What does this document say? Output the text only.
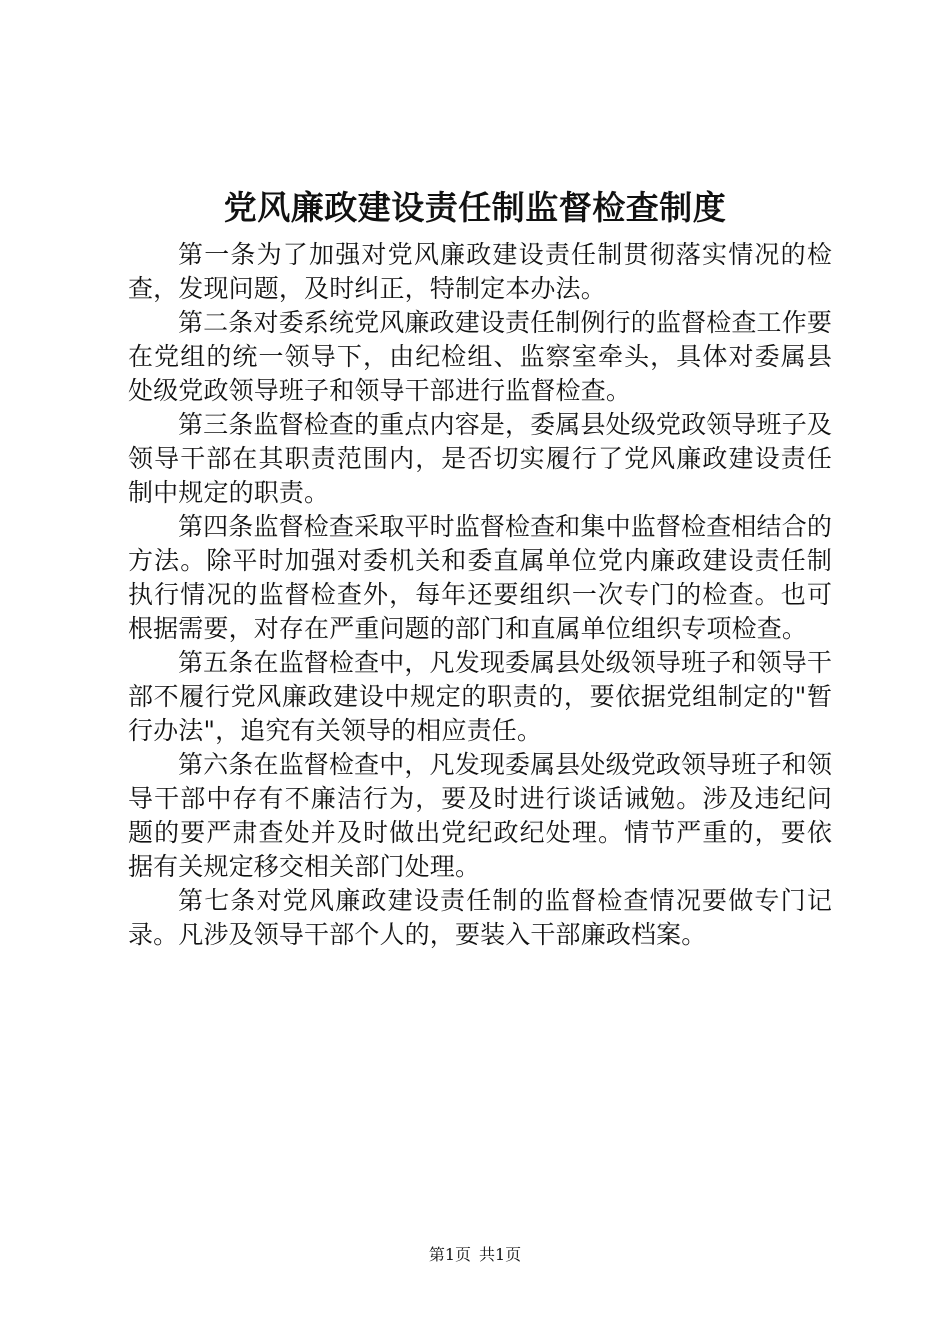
党风廉政建设责任制监督检查制度

第一条为了加强对党风廉政建设责任制贯彻落实情况的检查，发现问题，及时纠正，特制定本办法。

第二条对委系统党风廉政建设责任制例行的监督检查工作要在党组的统一领导下，由纪检组、监察室牵头，具体对委属县处级党政领导班子和领导干部进行监督检查。

第三条监督检查的重点内容是，委属县处级党政领导班子及领导干部在其职责范围内，是否切实履行了党风廉政建设责任制中规定的职责。

第四条监督检查采取平时监督检查和集中监督检查相结合的方法。除平时加强对委机关和委直属单位党内廉政建设责任制执行情况的监督检查外，每年还要组织一次专门的检查。也可根据需要，对存在严重问题的部门和直属单位组织专项检查。

第五条在监督检查中，凡发现委属县处级领导班子和领导干部不履行党风廉政建设中规定的职责的，要依据党组制定的"暂行办法"，追究有关领导的相应责任。

第六条在监督检查中，凡发现委属县处级党政领导班子和领导干部中存有不廉洁行为，要及时进行谈话诫勉。涉及违纪问题的要严肃查处并及时做出党纪政纪处理。情节严重的，要依据有关规定移交相关部门处理。

第七条对党风廉政建设责任制的监督检查情况要做专门记录。凡涉及领导干部个人的，要装入干部廉政档案。

第1页 共1页
